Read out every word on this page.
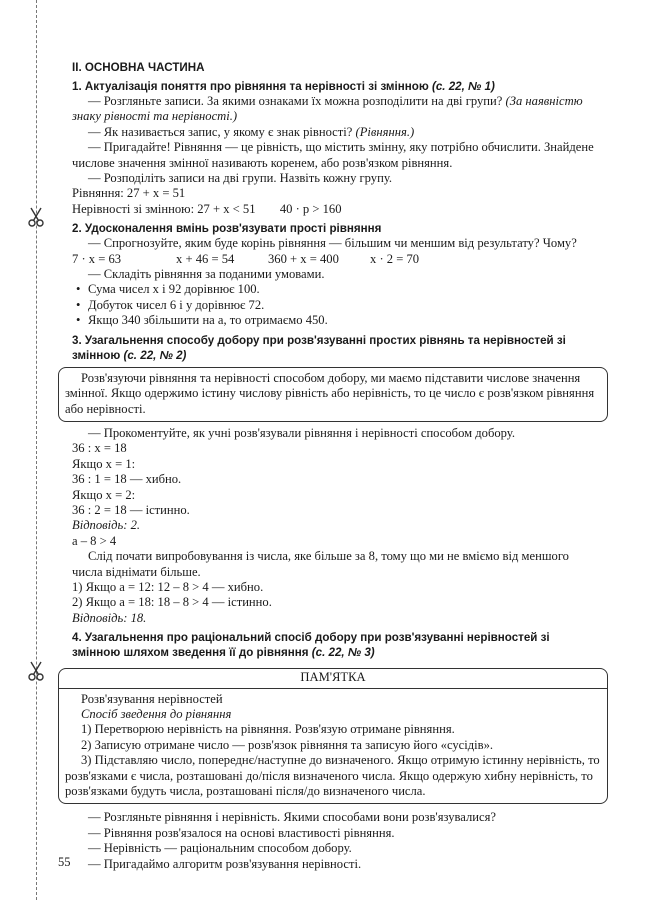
II. ОСНОВНА ЧАСТИНА
1. Актуалізація поняття про рівняння та нерівності зі змінною (с. 22, № 1)

— Розгляньте записи. За якими ознаками їх можна розподілити на дві групи? (За наявністю знаку рівності та нерівності.)

— Як називається запис, у якому є знак рівності? (Рівняння.)

— Пригадайте! Рівняння — це рівність, що містить змінну, яку потрібно обчислити. Знайдене числове значення змінної називають коренем, або розв'язком рівняння.

— Розподіліть записи на дві групи. Назвіть кожну групу.

Рівняння: 27 + x = 51

Нерівності зі змінною: 27 + x < 51 40 · p > 160

2. Удосконалення вмінь розв'язувати прості рівняння

— Спрогнозуйте, яким буде корінь рівняння — більшим чи меншим від результату? Чому?

7 · x = 63	x + 46 = 54	360 + x = 400	x · 2 = 70

— Складіть рівняння за поданими умовами.

• Сума чисел x і 92 дорівнює 100.
• Добуток чисел 6 і y дорівнює 72.
• Якщо 340 збільшити на a, то отримаємо 450.
3. Узагальнення способу добору при розв'язуванні простих рівнянь та нерівностей зі змінною (с. 22, № 2)

Розв'язуючи рівняння та нерівності способом добору, ми маємо підставити числове значення змінної. Якщо одержимо істину числову рівність або нерівність, то це число є розв'язком рівняння або нерівності.

— Прокоментуйте, як учні розв'язували рівняння і нерівності способом добору.

36 : x = 18

Якщо x = 1:

36 : 1 = 18 — хибно.

Якщо x = 2:

36 : 2 = 18 — істинно.

Відповідь: 2.

a – 8 > 4

Слід почати випробовування із числа, яке більше за 8, тому що ми не вміємо від меншого числа віднімати більше.

1) Якщо a = 12: 12 – 8 > 4 — хибно.

2) Якщо a = 18: 18 – 8 > 4 — істинно.

Відповідь: 18.

4. Узагальнення про раціональний спосіб добору при розв'язуванні нерівностей зі змінною шляхом зведення її до рівняння (с. 22, № 3)
ПАМ'ЯТКА

Розв'язування нерівностей

Спосіб зведення до рівняння

1) Перетворюю нерівність на рівняння. Розв'язую отримане рівняння.

2) Записую отримане число — розв'язок рівняння та записую його «сусідів».

3) Підставляю число, попереднє/наступне до визначеного. Якщо отримую істинну нерівність, то розв'язками є числа, розташовані до/після визначеного числа. Якщо одержую хибну нерівність, то розв'язками будуть числа, розташовані після/до визначеного числа.

— Розгляньте рівняння і нерівність. Якими способами вони розв'язувалися?

— Рівняння розв'язалося на основі властивості рівняння.

— Нерівність — раціональним способом добору.

— Пригадаймо алгоритм розв'язування нерівності.

55
